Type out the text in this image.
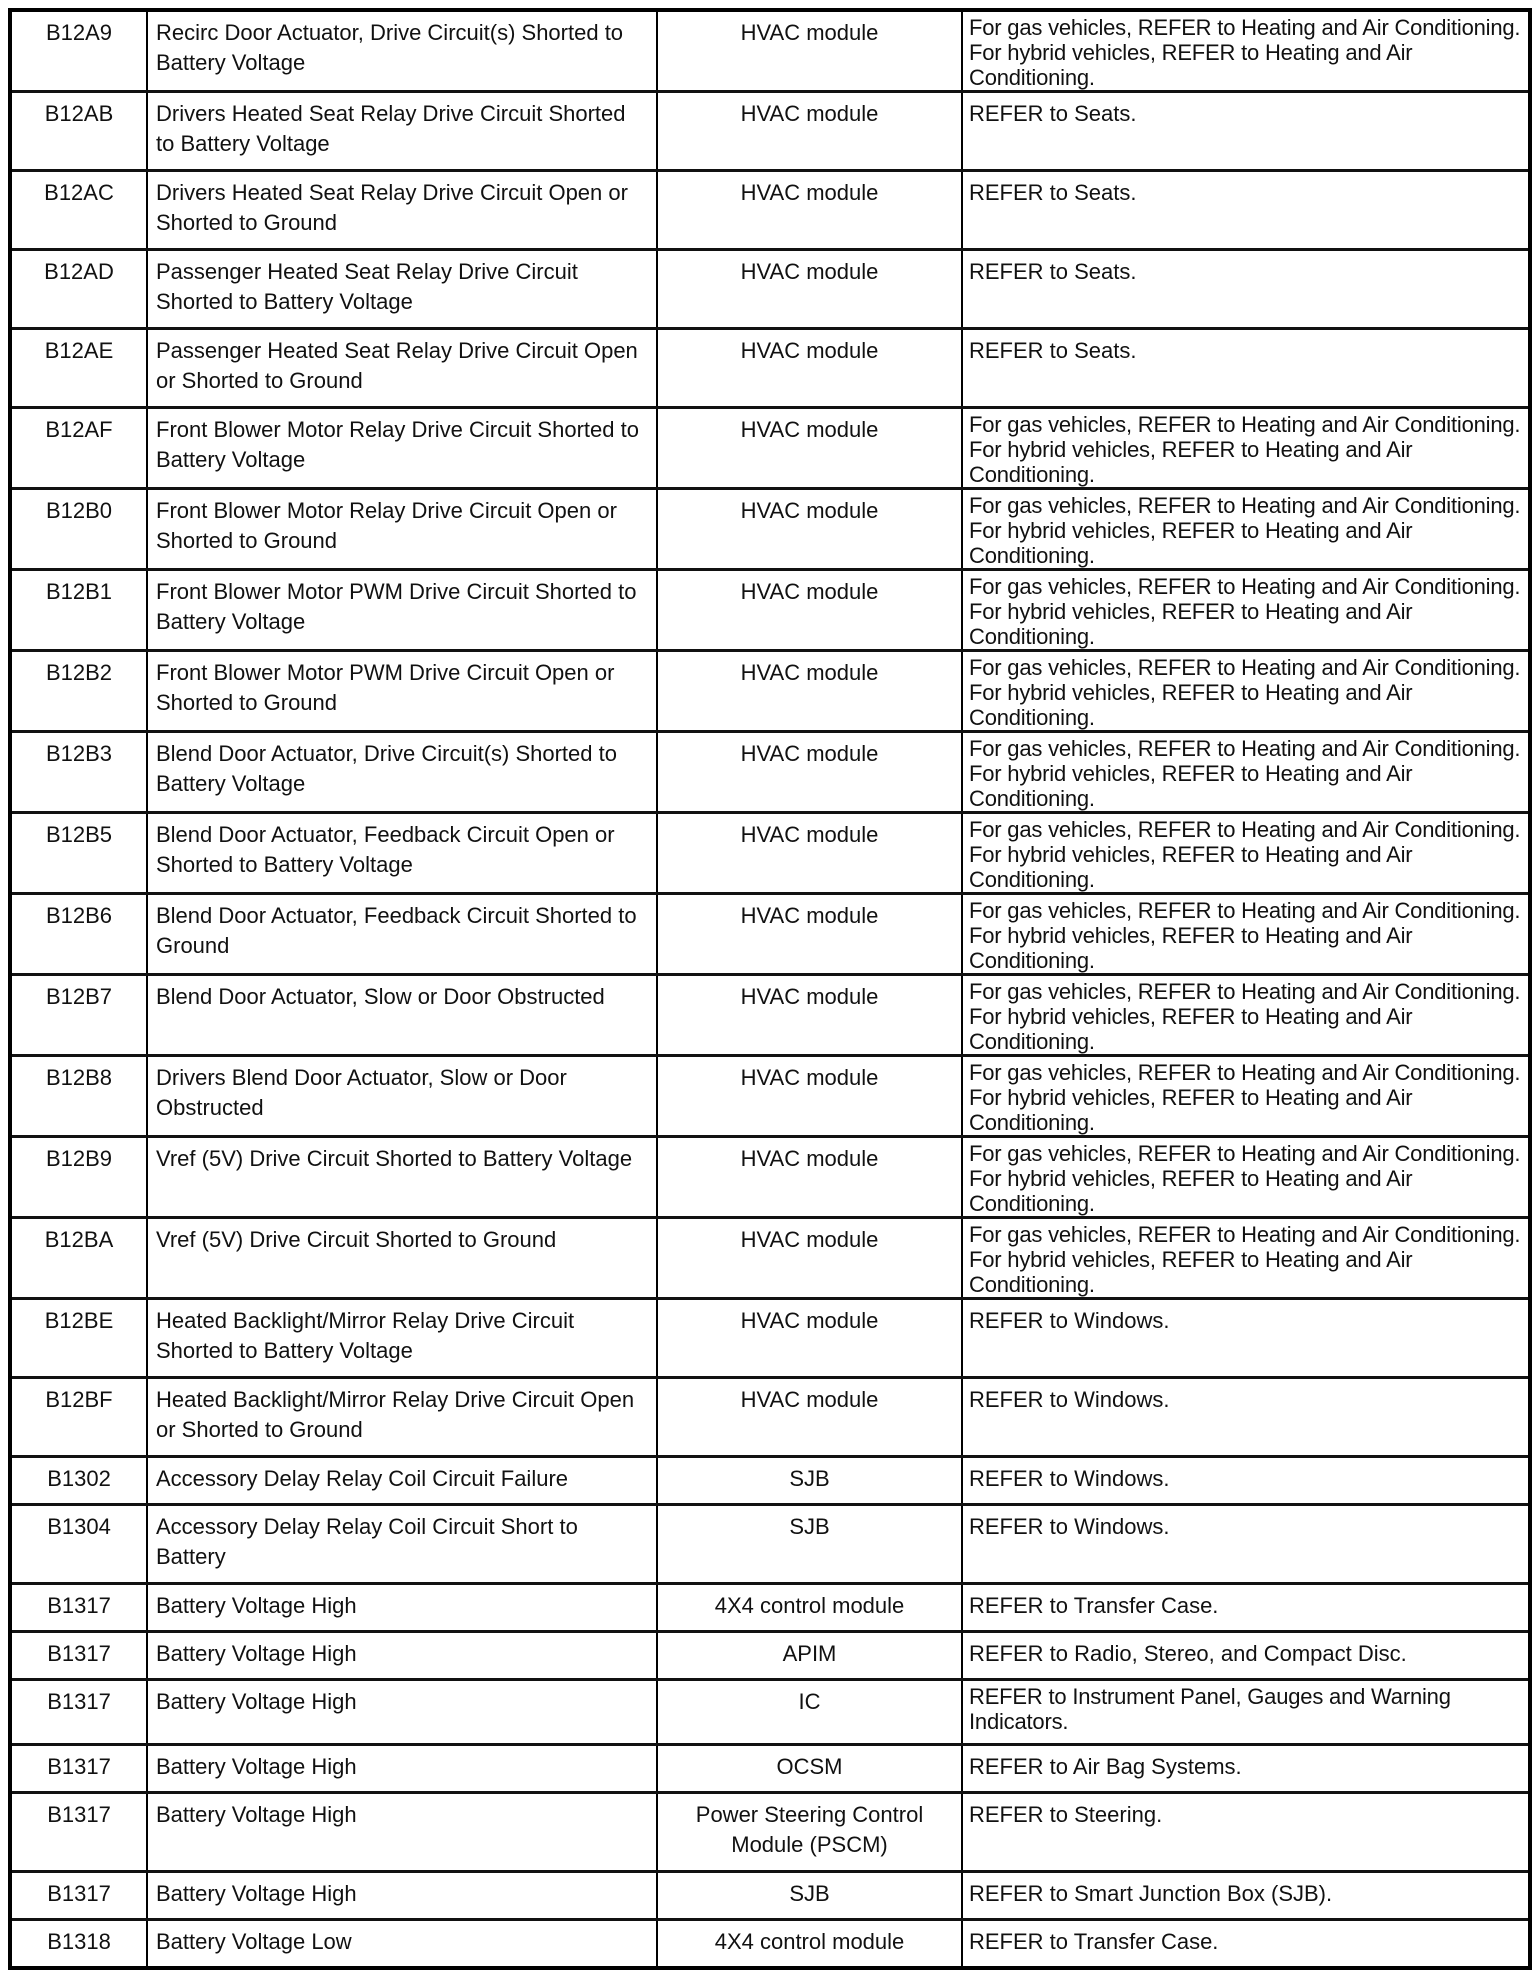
B12A9	Recirc Door Actuator, Drive Circuit(s) Shorted to Battery Voltage	HVAC module	For gas vehicles, REFER to Heating and Air Conditioning. For hybrid vehicles, REFER to Heating and Air Conditioning.
B12AB	Drivers Heated Seat Relay Drive Circuit Shorted to Battery Voltage	HVAC module	REFER to Seats.
B12AC	Drivers Heated Seat Relay Drive Circuit Open or Shorted to Ground	HVAC module	REFER to Seats.
B12AD	Passenger Heated Seat Relay Drive Circuit Shorted to Battery Voltage	HVAC module	REFER to Seats.
B12AE	Passenger Heated Seat Relay Drive Circuit Open or Shorted to Ground	HVAC module	REFER to Seats.
B12AF	Front Blower Motor Relay Drive Circuit Shorted to Battery Voltage	HVAC module	For gas vehicles, REFER to Heating and Air Conditioning. For hybrid vehicles, REFER to Heating and Air Conditioning.
B12B0	Front Blower Motor Relay Drive Circuit Open or Shorted to Ground	HVAC module	For gas vehicles, REFER to Heating and Air Conditioning. For hybrid vehicles, REFER to Heating and Air Conditioning.
B12B1	Front Blower Motor PWM Drive Circuit Shorted to Battery Voltage	HVAC module	For gas vehicles, REFER to Heating and Air Conditioning. For hybrid vehicles, REFER to Heating and Air Conditioning.
B12B2	Front Blower Motor PWM Drive Circuit Open or Shorted to Ground	HVAC module	For gas vehicles, REFER to Heating and Air Conditioning. For hybrid vehicles, REFER to Heating and Air Conditioning.
B12B3	Blend Door Actuator, Drive Circuit(s) Shorted to Battery Voltage	HVAC module	For gas vehicles, REFER to Heating and Air Conditioning. For hybrid vehicles, REFER to Heating and Air Conditioning.
B12B5	Blend Door Actuator, Feedback Circuit Open or Shorted to Battery Voltage	HVAC module	For gas vehicles, REFER to Heating and Air Conditioning. For hybrid vehicles, REFER to Heating and Air Conditioning.
B12B6	Blend Door Actuator, Feedback Circuit Shorted to Ground	HVAC module	For gas vehicles, REFER to Heating and Air Conditioning. For hybrid vehicles, REFER to Heating and Air Conditioning.
B12B7	Blend Door Actuator, Slow or Door Obstructed	HVAC module	For gas vehicles, REFER to Heating and Air Conditioning. For hybrid vehicles, REFER to Heating and Air Conditioning.
B12B8	Drivers Blend Door Actuator, Slow or Door Obstructed	HVAC module	For gas vehicles, REFER to Heating and Air Conditioning. For hybrid vehicles, REFER to Heating and Air Conditioning.
B12B9	Vref (5V) Drive Circuit Shorted to Battery Voltage	HVAC module	For gas vehicles, REFER to Heating and Air Conditioning. For hybrid vehicles, REFER to Heating and Air Conditioning.
B12BA	Vref (5V) Drive Circuit Shorted to Ground	HVAC module	For gas vehicles, REFER to Heating and Air Conditioning. For hybrid vehicles, REFER to Heating and Air Conditioning.
B12BE	Heated Backlight/Mirror Relay Drive Circuit Shorted to Battery Voltage	HVAC module	REFER to Windows.
B12BF	Heated Backlight/Mirror Relay Drive Circuit Open or Shorted to Ground	HVAC module	REFER to Windows.
B1302	Accessory Delay Relay Coil Circuit Failure	SJB	REFER to Windows.
B1304	Accessory Delay Relay Coil Circuit Short to Battery	SJB	REFER to Windows.
B1317	Battery Voltage High	4X4 control module	REFER to Transfer Case.
B1317	Battery Voltage High	APIM	REFER to Radio, Stereo, and Compact Disc.
B1317	Battery Voltage High	IC	REFER to Instrument Panel, Gauges and Warning Indicators.
B1317	Battery Voltage High	OCSM	REFER to Air Bag Systems.
B1317	Battery Voltage High	Power Steering Control Module (PSCM)	REFER to Steering.
B1317	Battery Voltage High	SJB	REFER to Smart Junction Box (SJB).
B1318	Battery Voltage Low	4X4 control module	REFER to Transfer Case.
